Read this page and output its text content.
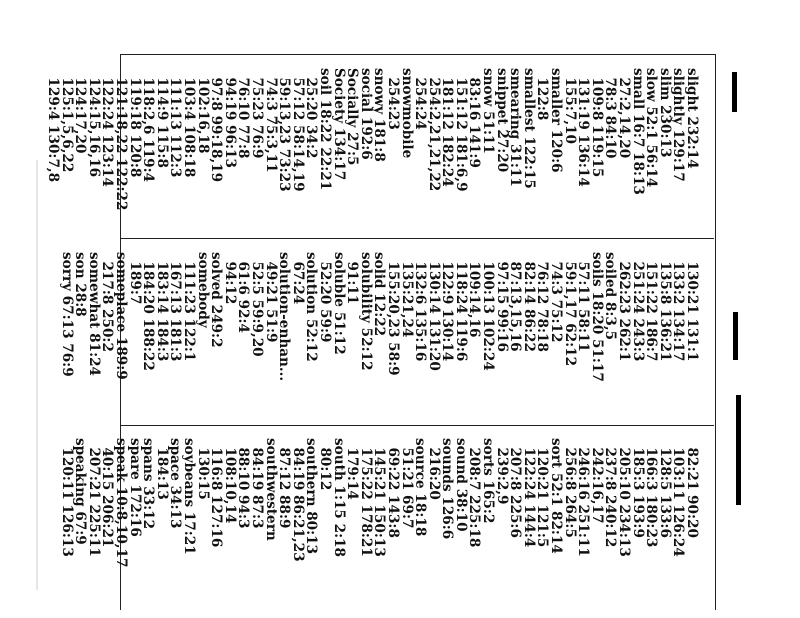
slight 232:14
slightly 129:17
slim 230:13
slow 52:1 56:14
small 16:7 18:13
27:2,14,20
78:3 84:10
109:8 119:15
131:19 136:14
155:7,10
smaller 120:6
122:8
smallest 122:15
smearing 31:11
snippet 27:20
snow 51:11
83:16 141:9
151:12 181:6,9
181:12 182:24
254:2,21,21,22
254:24
snowmobile
254:23
snowy 181:8
social 192:6
Socially 27:5
Society 134:17
soil 18:22 22:21
25:20 34:2
57:12 58:14,19
59:13,23 73:23
74:3 75:3,11
75:23 76:9
76:10 77:8
94:19 96:13
97:8 99:18,19
102:16,18
103:4 108:18
111:13 112:3
114:9 115:8
118:2,6 119:4
119:18 120:8
121:18,22 122:22
122:24 123:14
124:15,16,16
124:17,20
125:1,5,6,22
129:4 130:7,8
130:21 131:1
133:2 134:17
135:8 136:21
151:22 186:7
251:24 243:3
262:23 262:1
soiled 8:3,5
soils 18:20 51:17
57:11 58:11
59:1,17 62:12
74:3 75:12
76:12 78:18
82:14 86:22
87:13,15,16
97:15 99:16
100:13 102:24
109:14,16
118:24 119:6
122:9 130:14
130:14 131:20
132:6 135:16
135:21,24
155:20,23 58:9
solid 12:22
solubility 52:12
91:11
soluble 51:12
52:20 59:9
solution 52:12
67:24
solution-enhan...
49:21 51:9
52:5 59:9,20
61:6 92:4
94:12
solved 249:2
somebody
111:23 122:1
167:13 181:3
183:14 184:3
184:20 188:22
189:7
someplace 189:9
217:8 250:2
somewhat 81:24
son 28:8
sorry 67:13 76:9
82:21 90:20
103:11 126:24
128:5 133:6
166:3 180:23
185:3 193:9
205:10 234:13
237:8 240:12
242:16,17
246:16 251:11
256:8 264:5
sort 52:1 82:14
120:21 121:5
122:24 144:4
207:8 225:6
239:2,9
sorts 165:2
208:7 225:18
sound 38:10
sounds 126:6
216:20
source 18:18
51:21 69:7
69:22 143:8
145:21 150:13
175:22 178:21
179:14
south 1:15 2:18
80:12
southern 80:13
84:19 86:21,23
87:12 88:9
southwestern
84:19 87:3
88:10 94:3
108:10,14
116:8 127:16
130:15
soybeans 17:21
space 34:13
184:13
spans 33:12
spare 172:16
speak 10:8,10,17
40:15 206:21
207:21 225:11
speaking 67:9
120:11 126:13
